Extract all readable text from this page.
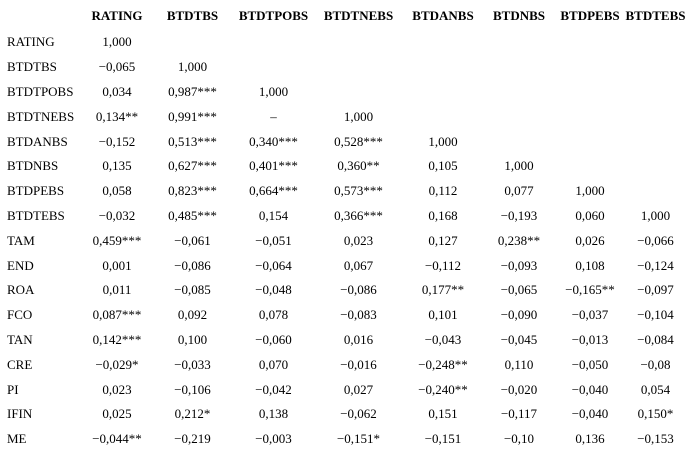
	RATING	BTDTBS	BTDTPOBS	BTDTNEBS	BTDANBS	BTDNBS	BTDPEBS	BTDTEBS
RATING	1,000							
BTDTBS	−0,065	1,000						
BTDTPOBS	0,034	0,987***	1,000					
BTDTNEBS	0,134**	0,991***	–	1,000				
BTDANBS	−0,152	0,513***	0,340***	0,528***	1,000			
BTDNBS	0,135	0,627***	0,401***	0,360**	0,105	1,000		
BTDPEBS	0,058	0,823***	0,664***	0,573***	0,112	0,077	1,000	
BTDTEBS	−0,032	0,485***	0,154	0,366***	0,168	−0,193	0,060	1,000
TAM	0,459***	−0,061	−0,051	0,023	0,127	0,238**	0,026	−0,066
END	0,001	−0,086	−0,064	0,067	−0,112	−0,093	0,108	−0,124
ROA	0,011	−0,085	−0,048	−0,086	0,177**	−0,065	−0,165**	−0,097
FCO	0,087***	0,092	0,078	−0,083	0,101	−0,090	−0,037	−0,104
TAN	0,142***	0,100	−0,060	0,016	−0,043	−0,045	−0,013	−0,084
CRE	−0,029*	−0,033	0,070	−0,016	−0,248**	0,110	−0,050	−0,08
PI	0,023	−0,106	−0,042	0,027	−0,240**	−0,020	−0,040	0,054
IFIN	0,025	0,212*	0,138	−0,062	0,151	−0,117	−0,040	0,150*
ME	−0,044**	−0,219	−0,003	−0,151*	−0,151	−0,10	0,136	−0,153
